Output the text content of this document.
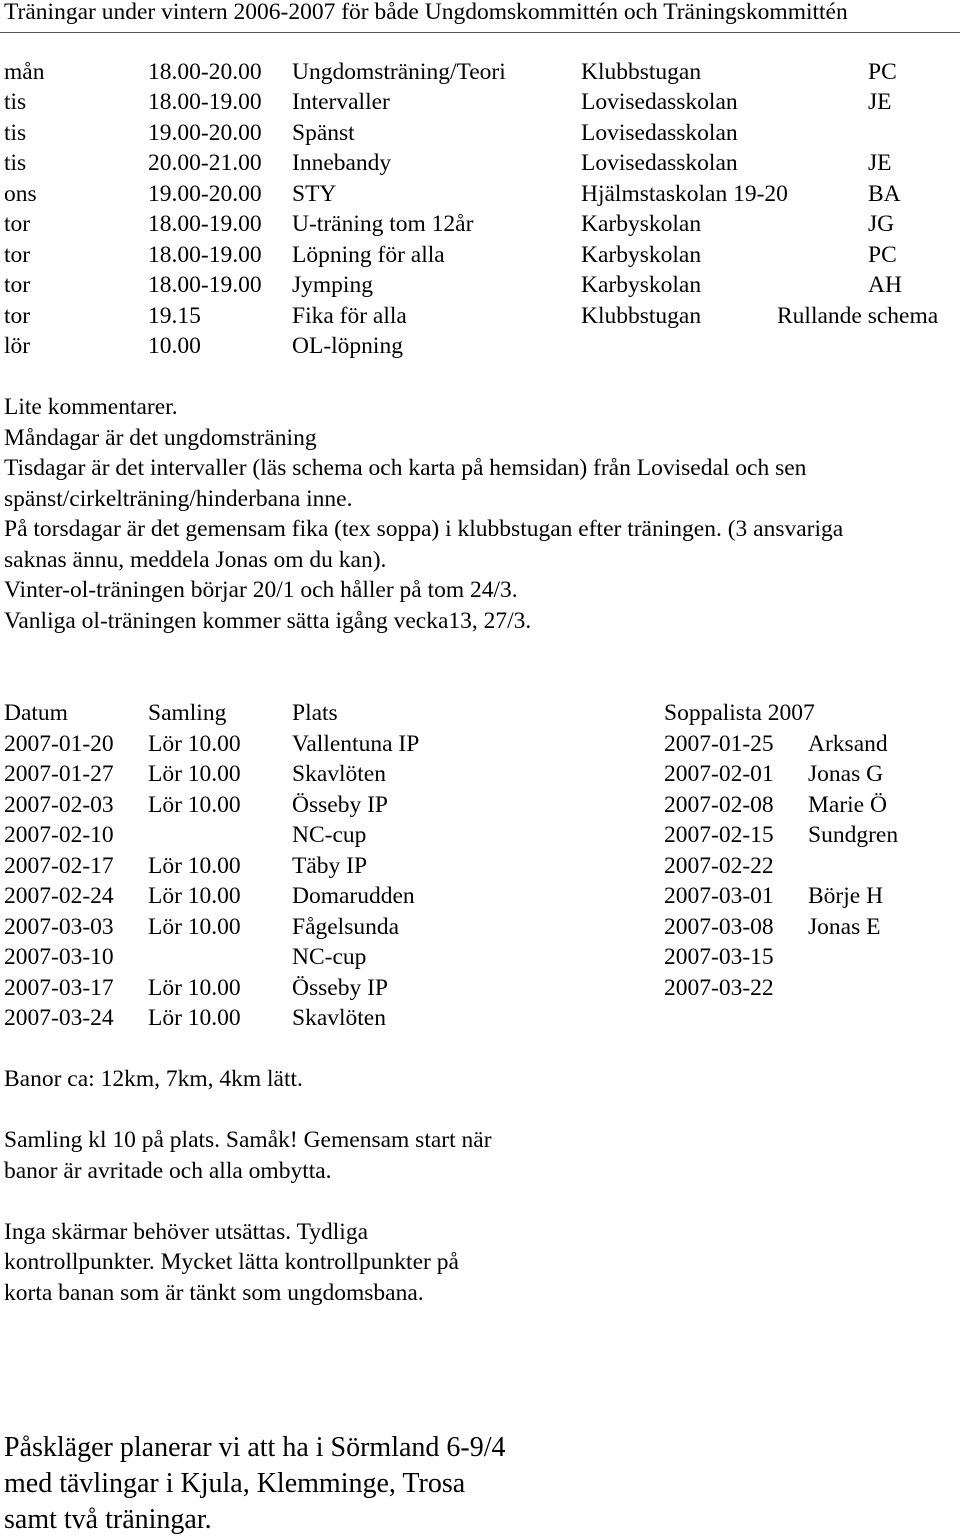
Träningar under vintern 2006-2007 för både Ungdomskommittén och Träningskommittén
mån	18.00-20.00 Ungdomsträning/Teori	Klubbstugan	PC
tis	18.00-19.00 Intervaller	Lovisedasskolan	JE
tis	19.00-20.00 Spänst	Lovisedasskolan
tis	20.00-21.00 Innebandy	Lovisedasskolan	JE
ons	19.00-20.00 STY	Hjälmstaskolan 19-20	BA
tor	18.00-19.00 U-träning tom 12år	Karbyskolan	JG
tor	18.00-19.00 Löpning för alla	Karbyskolan	PC
tor	18.00-19.00 Jymping	Karbyskolan	AH
tor	19.15	Fika för alla	Klubbstugan	Rullande schema
lör	10.00	OL-löpning
Lite kommentarer.
Måndagar är det ungdomsträning
Tisdagar är det intervaller (läs schema och karta på hemsidan) från Lovisedal och sen
spänst/cirkelträning/hinderbana inne.
På torsdagar är det gemensam fika (tex soppa) i klubbstugan efter träningen. (3 ansvariga
saknas ännu, meddela Jonas om du kan).
Vinter-ol-träningen börjar 20/1 och håller på tom 24/3.
Vanliga ol-träningen kommer sätta igång vecka13, 27/3.
Datum	Samling	Plats	Soppalista 2007
2007-01-20 Lör 10.00 Vallentuna IP	2007-01-25 Arksand
2007-01-27 Lör 10.00 Skavlöten	2007-02-01 Jonas G
2007-02-03 Lör 10.00 Össeby IP	2007-02-08 Marie Ö
2007-02-10	NC-cup	2007-02-15 Sundgren
2007-02-17 Lör 10.00 Täby IP	2007-02-22
2007-02-24 Lör 10.00 Domarudden	2007-03-01 Börje H
2007-03-03 Lör 10.00 Fågelsunda	2007-03-08 Jonas E
2007-03-10	NC-cup	2007-03-15
2007-03-17 Lör 10.00 Össeby IP	2007-03-22
2007-03-24 Lör 10.00 Skavlöten
Banor ca: 12km, 7km, 4km lätt.
Samling kl 10 på plats. Samåk! Gemensam start när
banor är avritade och alla ombytta.
Inga skärmar behöver utsättas. Tydliga
kontrollpunkter. Mycket lätta kontrollpunkter på
korta banan som är tänkt som ungdomsbana.
Påskläger planerar vi att ha i Sörmland 6-9/4
med tävlingar i Kjula, Klemminge, Trosa
samt två träningar.
